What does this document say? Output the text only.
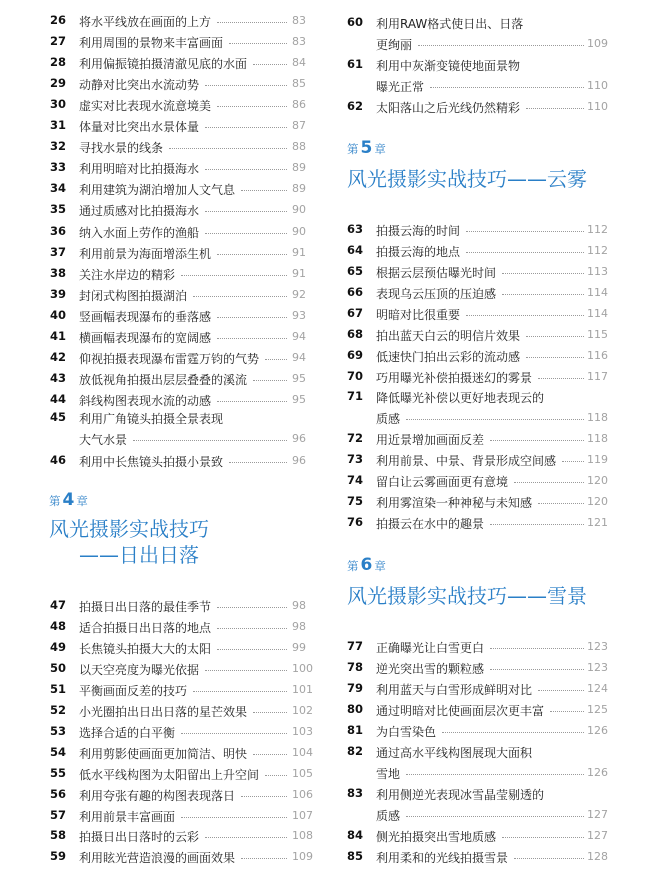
26 将水平线放在画面的上方	83
27 利用周围的景物来丰富画面	83
28 利用偏振镜拍摄清澈见底的水面	84
29 动静对比突出水流动势	85
30 虚实对比表现水流意境美	86
31 体量对比突出水景体量	87
32 寻找水景的线条	88
33 利用明暗对比拍摄海水	89
34 利用建筑为湖泊增加人文气息	89
35 通过质感对比拍摄海水	90
36 纳入水面上劳作的渔船	90
37 利用前景为海面增添生机	91
38 关注水岸边的精彩	91
39 封闭式构图拍摄湖泊	92
40 竖画幅表现瀑布的垂落感	93
41 横画幅表现瀑布的宽阔感	94
42 仰视拍摄表现瀑布雷霆万钧的气势	94
43 放低视角拍摄出层层叠叠的溪流	95
44 斜线构图表现水流的动感	95
45 利用广角镜头拍摄全景表现
大气水景	96
46 利用中长焦镜头拍摄小景致	96
第 4 章
风光摄影实战技巧
——日出日落
47 拍摄日出日落的最佳季节	98
48 适合拍摄日出日落的地点	98
49 长焦镜头拍摄大大的太阳	99
50 以天空亮度为曝光依据	100
51 平衡画面反差的技巧	101
52 小光圈拍出日出日落的星芒效果	102
53 选择合适的白平衡	103
54 利用剪影使画面更加简洁、明快	104
55 低水平线构图为太阳留出上升空间	105
56 利用夸张有趣的构图表现落日	106
57 利用前景丰富画面	107
58 拍摄日出日落时的云彩	108
59 利用眩光营造浪漫的画面效果	109
60 利用RAW格式使日出、日落
更绚丽	109
61 利用中灰渐变镜使地面景物
曝光正常	110
62 太阳落山之后光线仍然精彩	110
第 5 章
风光摄影实战技巧——云雾
63 拍摄云海的时间	112
64 拍摄云海的地点	112
65 根据云层预估曝光时间	113
66 表现乌云压顶的压迫感	114
67 明暗对比很重要	114
68 拍出蓝天白云的明信片效果	115
69 低速快门拍出云彩的流动感	116
70 巧用曝光补偿拍摄迷幻的雾景	117
71 降低曝光补偿以更好地表现云的
质感	118
72 用近景增加画面反差	118
73 利用前景、中景、背景形成空间感	119
74 留白让云雾画面更有意境	120
75 利用雾渲染一种神秘与未知感	120
76 拍摄云在水中的趣景	121
第 6 章
风光摄影实战技巧——雪景
77 正确曝光让白雪更白	123
78 逆光突出雪的颗粒感	123
79 利用蓝天与白雪形成鲜明对比	124
80 通过明暗对比使画面层次更丰富	125
81 为白雪染色	126
82 通过高水平线构图展现大面积
雪地	126
83 利用侧逆光表现冰雪晶莹剔透的
质感	127
84 侧光拍摄突出雪地质感	127
85 利用柔和的光线拍摄雪景	128
